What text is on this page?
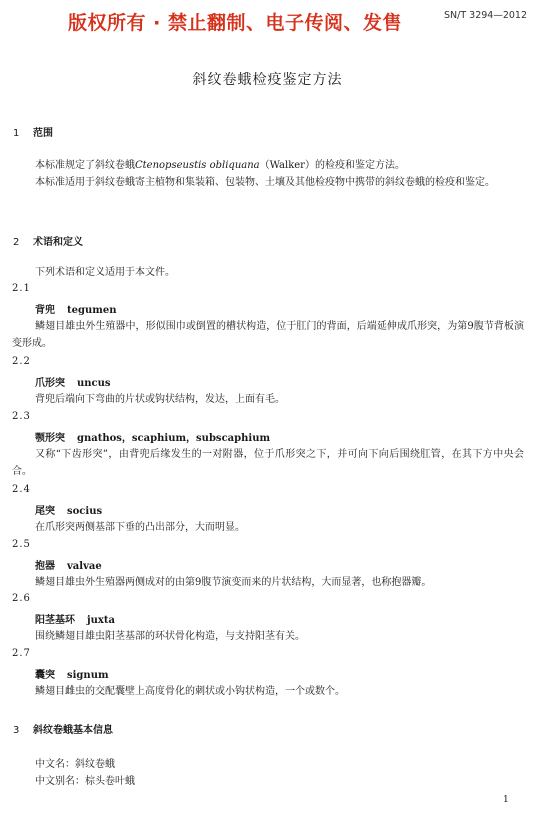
版权所有 · 禁止翻制、电子传阅、发售	SN/T 3294—2012
斜纹卷蛾检疫鉴定方法
1 范围
本标准规定了斜纹卷蛾Ctenopseustis obliquana（Walker）的检疫和鉴定方法。
本标准适用于斜纹卷蛾寄主植物和集装箱、包装物、土壤及其他检疫物中携带的斜纹卷蛾的检疫和鉴定。
2 术语和定义
下列术语和定义适用于本文件。
2.1
背兜 tegumen
鳞翅目雄虫外生殖器中，形似围巾或倒置的槽状构造，位于肛门的背面，后端延伸成爪形突，为第9腹节背板演变形成。
2.2
爪形突 uncus
背兜后端向下弯曲的片状或钩状结构，发达，上面有毛。
2.3
颚形突 gnathos，scaphium，subscaphium
又称“下齿形突”，由背兜后缘发生的一对附器，位于爪形突之下，并可向下向后围绕肛管，在其下方中央会合。
2.4
尾突 socius
在爪形突两侧基部下垂的凸出部分，大而明显。
2.5
抱器 valvae
鳞翅目雄虫外生殖器两侧成对的由第9腹节演变而来的片状结构，大而显著，也称抱器瓣。
2.6
阳茎基环 juxta
围绕鳞翅目雄虫阳茎基部的环状骨化构造，与支持阳茎有关。
2.7
囊突 signum
鳞翅目雌虫的交配囊壁上高度骨化的刺状或小钩状构造，一个或数个。
3 斜纹卷蛾基本信息
中文名：斜纹卷蛾
中文别名：棕头卷叶蛾
1
